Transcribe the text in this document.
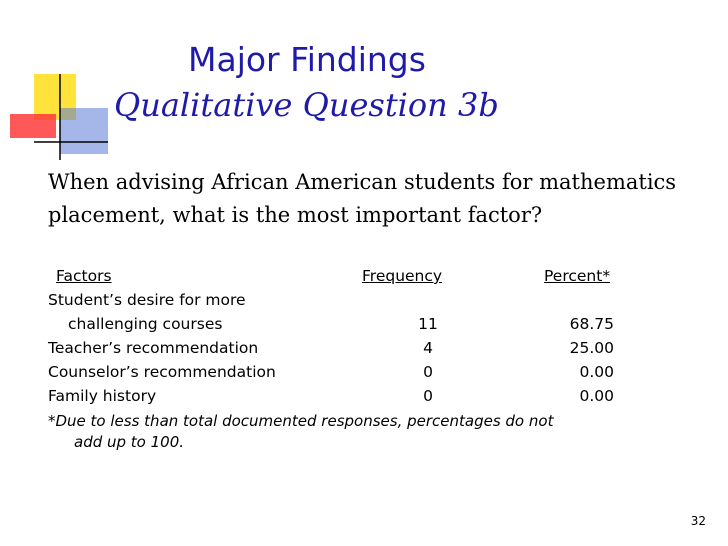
Major Findings
Qualitative Question 3b
When advising African American students for mathematics placement, what is the most important factor?
Factors	Frequency	Percent*
Student’s desire for more
challenging courses	11	68.75
Teacher’s recommendation	4	25.00
Counselor’s recommendation	0	0.00
Family history	0	0.00
*Due to less than total documented responses, percentages do not
add up to 100.
32
